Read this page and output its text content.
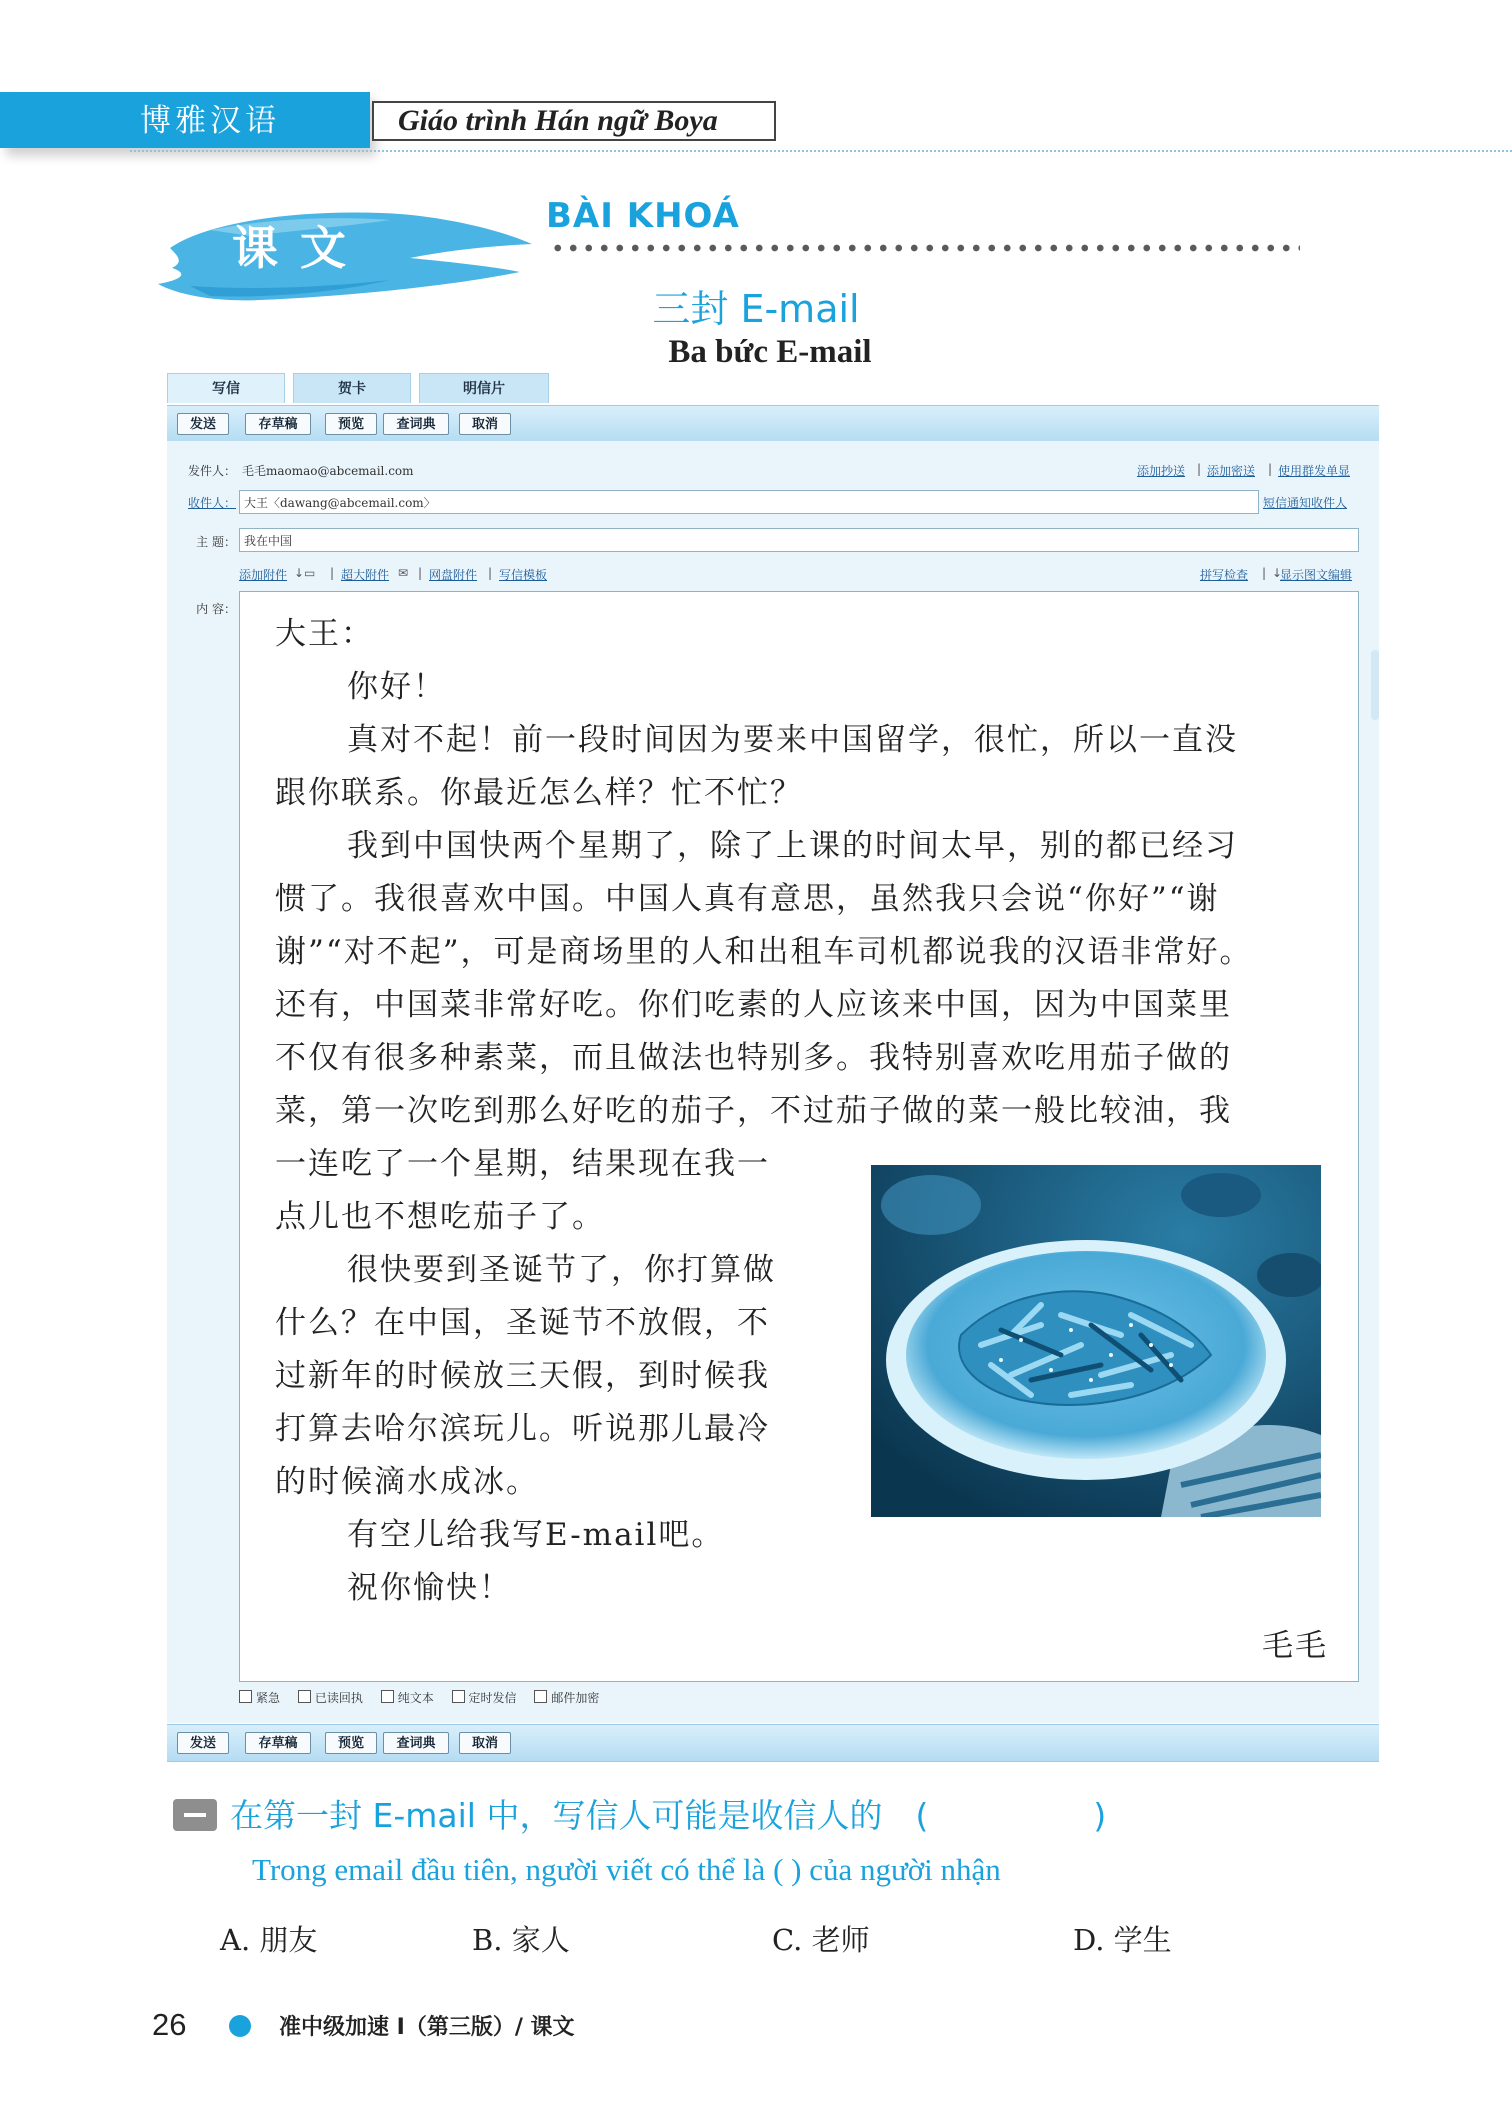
博雅汉语	Giáo trình Hán ngữ Boya
课文
BÀI KHOÁ
三封 E-mail
Ba bức E-mail
写信	贺卡	明信片
发送	存草稿	预览	查词典	取消
发件人： 毛毛maomao@abcemail.com	添加抄送 | 添加密送 | 使用群发单显
收件人： 大王〈dawang@abcemail.com〉	短信通知收件人
主 题： 我在中国
添加附件 ↓▭ | 超大附件 ✉ | 网盘附件 | 写信模板	拼写检查 | ↓
显示图文编辑
内 容：
大王：
你好！
真对不起！前一段时间因为要来中国留学，很忙，所以一直没
跟你联系。你最近怎么样？忙不忙？
我到中国快两个星期了，除了上课的时间太早，别的都已经习
惯了。我很喜欢中国。中国人真有意思，虽然我只会说“你好”“谢
谢”“对不起”，可是商场里的人和出租车司机都说我的汉语非常好。
还有，中国菜非常好吃。你们吃素的人应该来中国，因为中国菜里
不仅有很多种素菜，而且做法也特别多。我特别喜欢吃用茄子做的
菜，第一次吃到那么好吃的茄子，不过茄子做的菜一般比较油，我
一连吃了一个星期，结果现在我一
点儿也不想吃茄子了。
很快要到圣诞节了，你打算做
什么？在中国，圣诞节不放假，不
过新年的时候放三天假，到时候我
打算去哈尔滨玩儿。听说那儿最冷
的时候滴水成冰。
有空儿给我写E-mail吧。
祝你愉快！
毛毛
紧急	已读回执	纯文本	定时发信	邮件加密
发送	存草稿	预览	查词典	取消
在第一封 E-mail 中，写信人可能是收信人的　(　　　　　)
Trong email đầu tiên, người viết có thể là ( ) của người nhận
A. 朋友	B. 家人	C. 老师	D. 学生
26	准中级加速 I（第三版）/ 课文
